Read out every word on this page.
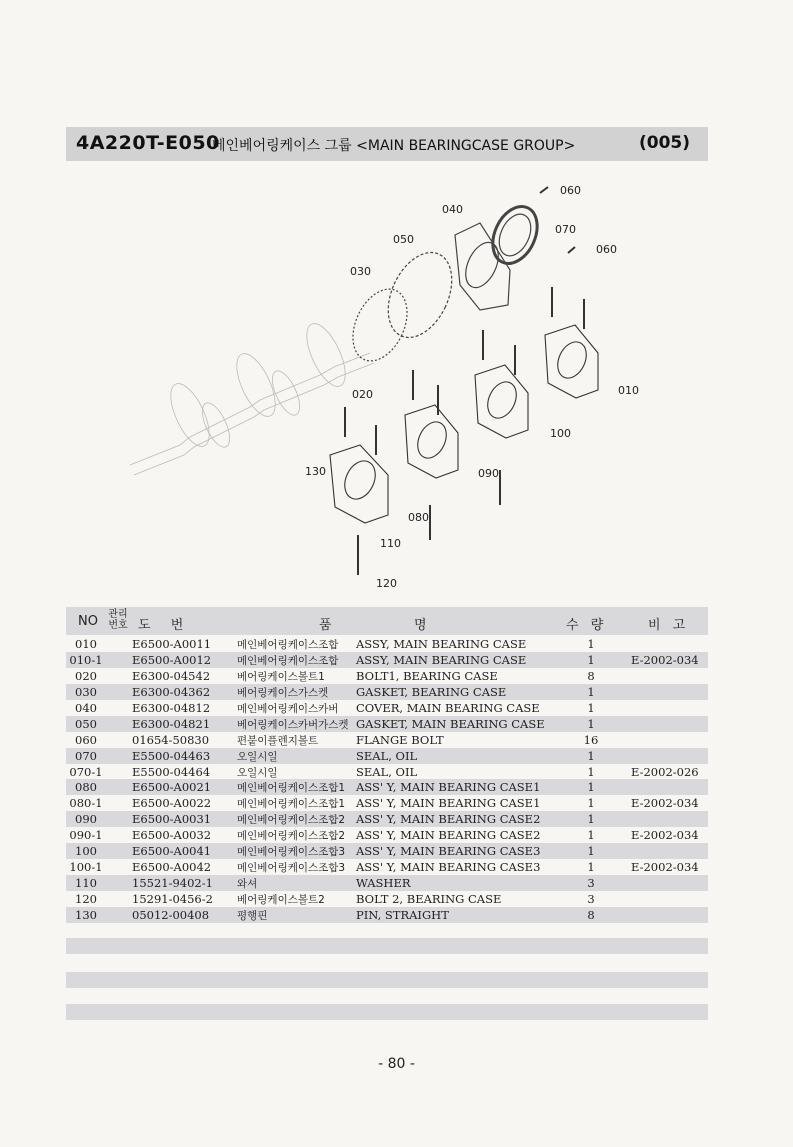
4A220T-E050
메인베어링케이스 그룹 <MAIN BEARINGCASE GROUP>	(005)
060
040
070
050
060
030
010
020
100
130	090
080
110
120
NO 관리
번호 도 번	품	명	수 량	비 고
010	E6500-A0011 메인베어링케이스조합 ASSY, MAIN BEARING CASE	1
010-1	E6500-A0012 메인베어링케이스조합 ASSY, MAIN BEARING CASE	1	E-2002-034
020	E6300-04542	베어링케이스볼트1	BOLT1, BEARING CASE	8
030	E6300-04362	베어링케이스가스켓 GASKET, BEARING CASE	1
040	E6300-04812	메인베어링케이스카버 COVER, MAIN BEARING CASE	1
050	E6300-04821	베어링케이스카버가스켓 GASKET, MAIN BEARING CASE	1
060	01654-50830	편붙이플렌지볼트	FLANGE BOLT	16
070	E5500-04463	오일시일	SEAL, OIL	1
070-1	E5500-04464	오일시일	SEAL, OIL	1	E-2002-026
080	E6500-A0021 메인베어링케이스조합1 ASS' Y, MAIN BEARING CASE1	1
080-1	E6500-A0022 메인베어링케이스조합1 ASS' Y, MAIN BEARING CASE1	1	E-2002-034
090	E6500-A0031 메인베어링케이스조합2 ASS' Y, MAIN BEARING CASE2	1
090-1	E6500-A0032 메인베어링케이스조합2 ASS' Y, MAIN BEARING CASE2	1	E-2002-034
100	E6500-A0041 메인베어링케이스조합3 ASS' Y, MAIN BEARING CASE3	1
100-1	E6500-A0042 메인베어링케이스조합3 ASS' Y, MAIN BEARING CASE3	1	E-2002-034
110	15521-9402-1 와셔	WASHER	3
120	15291-0456-2 베어링케이스볼트2	BOLT 2, BEARING CASE	3
130	05012-00408	평행핀	PIN, STRAIGHT	8
- 80 -
